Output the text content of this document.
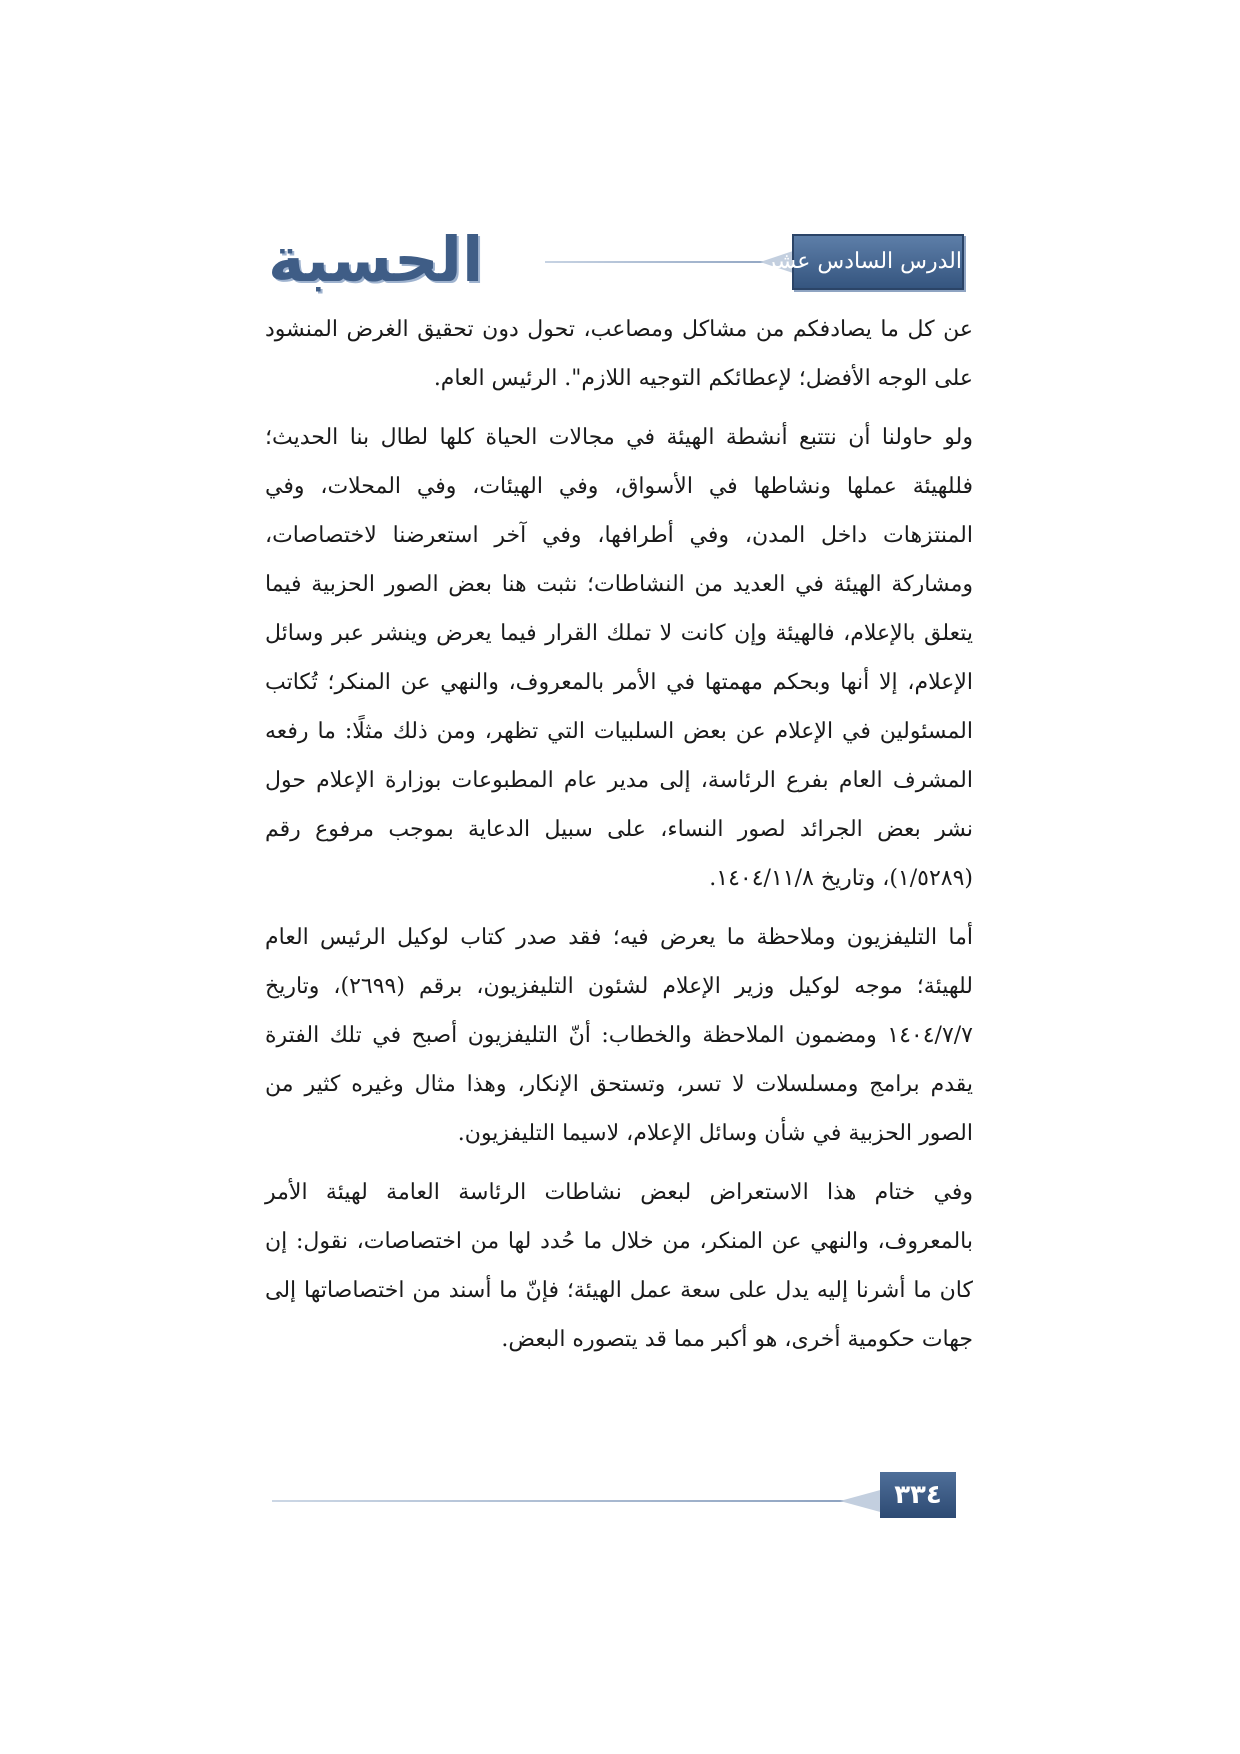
الحسبة	الدرس السادس عشر

عن كل ما يصادفكم من مشاكل ومصاعب، تحول دون تحقيق الغرض المنشود على الوجه الأفضل؛ لإعطائكم التوجيه اللازم". الرئيس العام.

ولو حاولنا أن نتتبع أنشطة الهيئة في مجالات الحياة كلها لطال بنا الحديث؛ فللهيئة عملها ونشاطها في الأسواق، وفي الهيئات، وفي المحلات، وفي المنتزهات داخل المدن، وفي أطرافها، وفي آخر استعرضنا لاختصاصات، ومشاركة الهيئة في العديد من النشاطات؛ نثبت هنا بعض الصور الحزبية فيما يتعلق بالإعلام، فالهيئة وإن كانت لا تملك القرار فيما يعرض وينشر عبر وسائل الإعلام، إلا أنها وبحكم مهمتها في الأمر بالمعروف، والنهي عن المنكر؛ تُكاتب المسئولين في الإعلام عن بعض السلبيات التي تظهر، ومن ذلك مثلًا: ما رفعه المشرف العام بفرع الرئاسة، إلى مدير عام المطبوعات بوزارة الإعلام حول نشر بعض الجرائد لصور النساء، على سبيل الدعاية بموجب مرفوع رقم (١/٥٢٨٩)، وتاريخ ١٤٠٤/١١/٨.

أما التليفزيون وملاحظة ما يعرض فيه؛ فقد صدر كتاب لوكيل الرئيس العام للهيئة؛ موجه لوكيل وزير الإعلام لشئون التليفزيون، برقم (٢٦٩٩)، وتاريخ ١٤٠٤/٧/٧ ومضمون الملاحظة والخطاب: أنّ التليفزيون أصبح في تلك الفترة يقدم برامج ومسلسلات لا تسر، وتستحق الإنكار، وهذا مثال وغيره كثير من الصور الحزبية في شأن وسائل الإعلام، لاسيما التليفزيون.

وفي ختام هذا الاستعراض لبعض نشاطات الرئاسة العامة لهيئة الأمر بالمعروف، والنهي عن المنكر، من خلال ما حُدد لها من اختصاصات، نقول: إن كان ما أشرنا إليه يدل على سعة عمل الهيئة؛ فإنّ ما أسند من اختصاصاتها إلى جهات حكومية أخرى، هو أكبر مما قد يتصوره البعض.

٣٣٤
